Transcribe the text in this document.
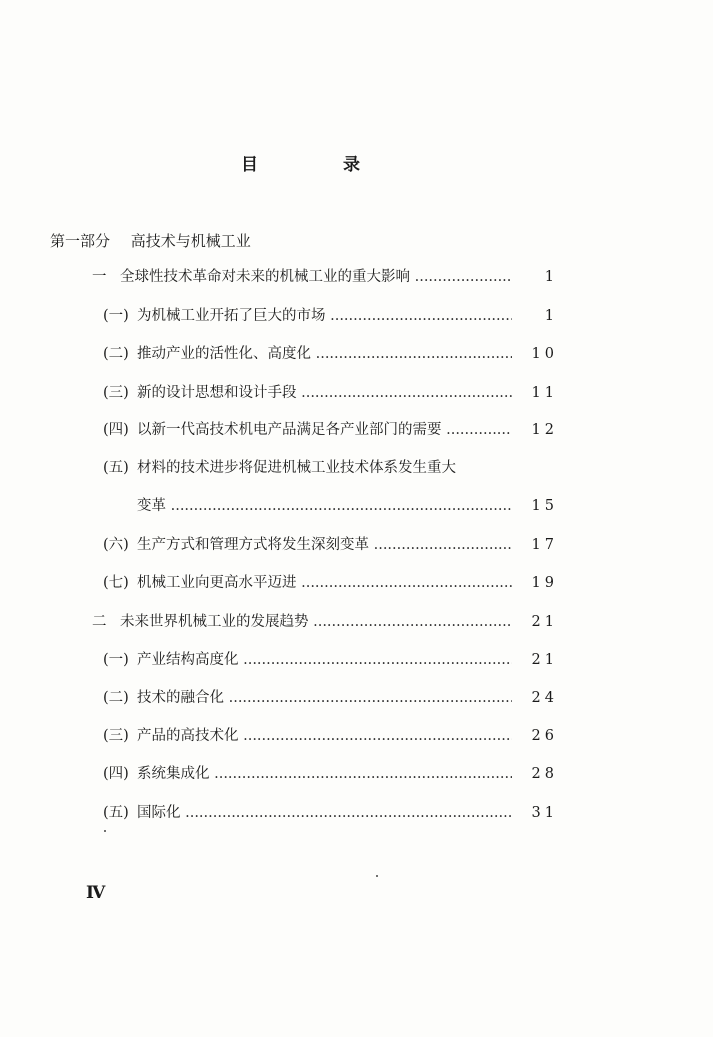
目	录
第一部分 高技术与机械工业
一 全球性技术革命对未来的机械工业的重大影响 .....	1
(一) 为机械工业开拓了巨大的市场 .....	1
(二) 推动产业的活性化、高度化 .....	10
(三) 新的设计思想和设计手段 .....	11
(四) 以新一代高技术机电产品满足各产业部门的需要 .....	12
(五) 材料的技术进步将促进机械工业技术体系发生重大
变革 .....	15
(六) 生产方式和管理方式将发生深刻变革 .....	17
(七) 机械工业向更高水平迈进 .....	19
二 未来世界机械工业的发展趋势 .....	21
(一) 产业结构高度化 .....	21
(二) 技术的融合化 .....	24
(三) 产品的高技术化 .....	26
(四) 系统集成化 .....	28
(五) 国际化 .....	31
Ⅳ
